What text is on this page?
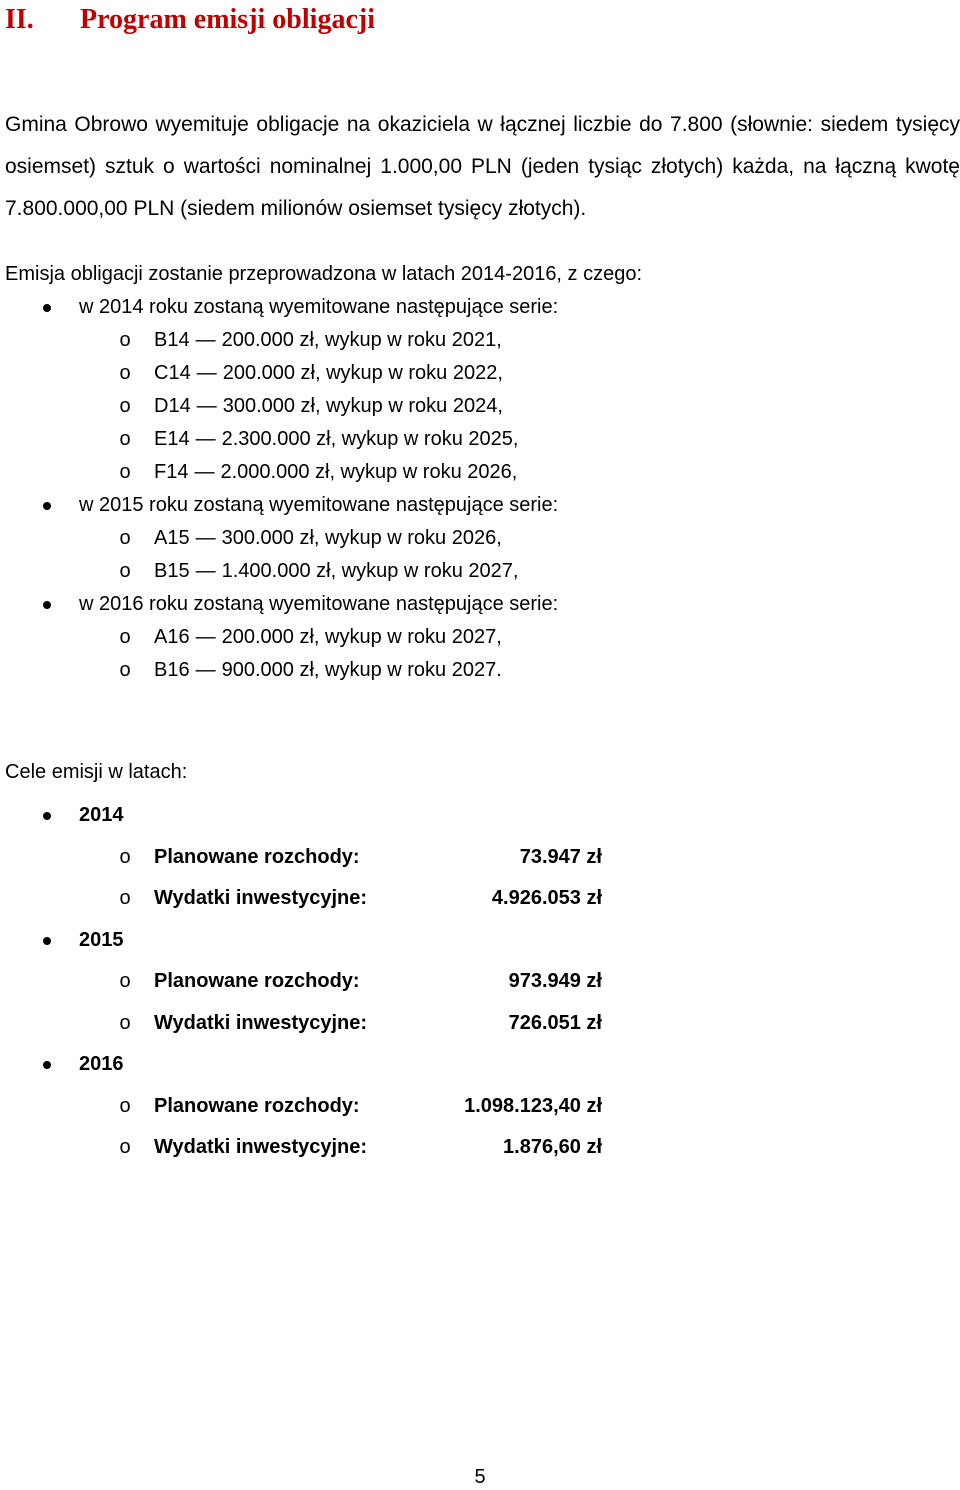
II.	Program emisji obligacji

Gmina Obrowo wyemituje obligacje na okaziciela w łącznej liczbie do 7.800 (słownie: siedem tysięcy
osiemset) sztuk o wartości nominalnej 1.000,00 PLN (jeden tysiąc złotych) każda, na łączną kwotę
7.800.000,00 PLN (siedem milionów osiemset tysięcy złotych).

Emisja obligacji zostanie przeprowadzona w latach 2014-2016, z czego:
w 2014 roku zostaną wyemitowane następujące serie:
o B14 — 200.000 zł, wykup w roku 2021,
o C14 — 200.000 zł, wykup w roku 2022,
o D14 — 300.000 zł, wykup w roku 2024,
o E14 — 2.300.000 zł, wykup w roku 2025,
o F14 — 2.000.000 zł, wykup w roku 2026,
w 2015 roku zostaną wyemitowane następujące serie:
o A15 — 300.000 zł, wykup w roku 2026,
o B15 — 1.400.000 zł, wykup w roku 2027,
w 2016 roku zostaną wyemitowane następujące serie:
o A16 — 200.000 zł, wykup w roku 2027,
o B16 — 900.000 zł, wykup w roku 2027.
Cele emisji w latach:
2014
o Planowane rozchody:	73.947 zł
o Wydatki inwestycyjne:	4.926.053 zł
2015
o Planowane rozchody:	973.949 zł
o Wydatki inwestycyjne:	726.051 zł
2016
o Planowane rozchody:	1.098.123,40 zł
o Wydatki inwestycyjne:	1.876,60 zł
5
